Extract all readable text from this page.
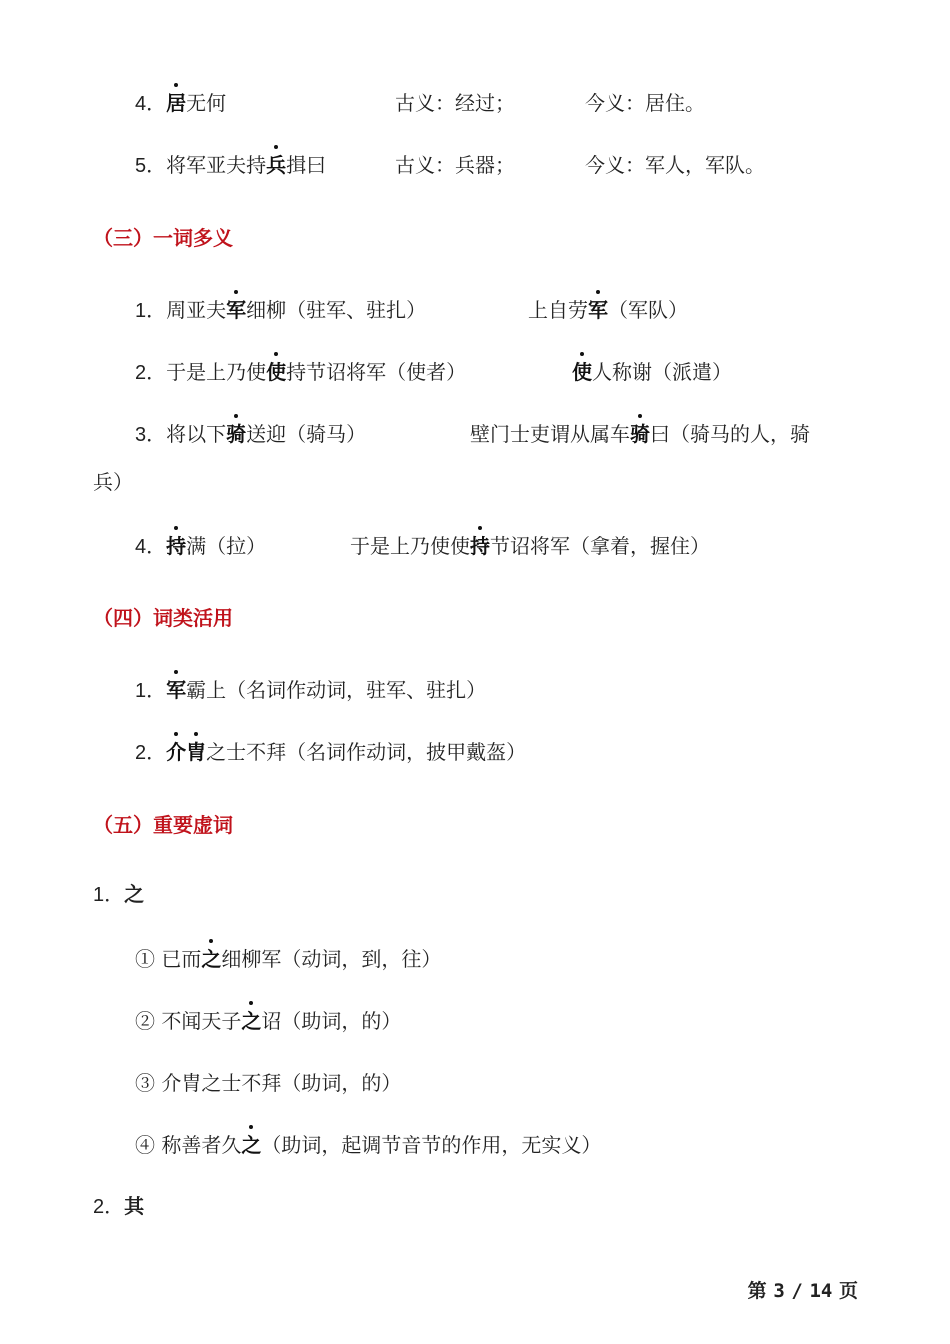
4．居无何	古义：经过；	今义：居住。
5．将军亚夫持兵揖曰	古义：兵器；	今义：军人，军队。
（三）一词多义
1．周亚夫军细柳（驻军、驻扎）	上自劳军（军队）
2．于是上乃使使持节诏将军（使者）	使人称谢（派遣）
3．将以下骑送迎（骑马）	壁门士吏谓从属车骑曰（骑马的人，骑
兵）
4．持满（拉）	于是上乃使使持节诏将军（拿着，握住）
（四）词类活用
1．军霸上（名词作动词，驻军、驻扎）
2．介胄之士不拜（名词作动词，披甲戴盔）
（五）重要虚词
1．之
① 已而之细柳军（动词，到，往）
② 不闻天子之诏（助词，的）
③ 介胄之士不拜（助词，的）
④ 称善者久之（助词，起调节音节的作用，无实义）
2．其
第 3 / 14 页
